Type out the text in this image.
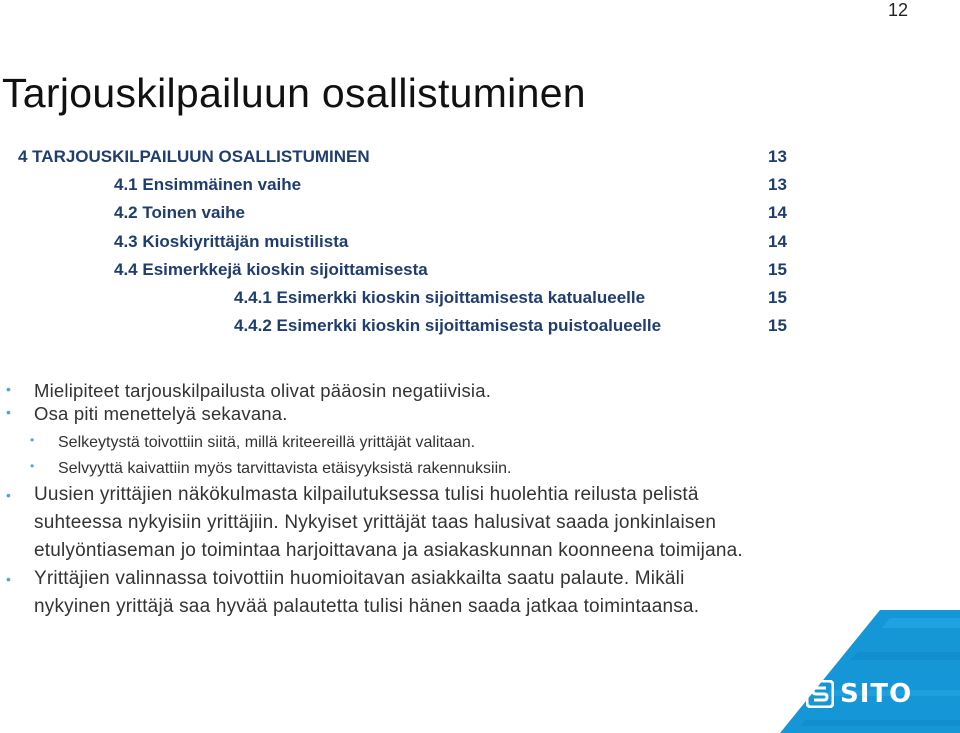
12
Tarjouskilpailuun osallistuminen
4 TARJOUSKILPAILUUN OSALLISTUMINEN	13
4.1 Ensimmäinen vaihe	13
4.2 Toinen vaihe	14
4.3 Kioskiyrittäjän muistilista	14
4.4 Esimerkkejä kioskin sijoittamisesta	15
4.4.1 Esimerkki kioskin sijoittamisesta katualueelle	15
4.4.2 Esimerkki kioskin sijoittamisesta puistoalueelle	15
• Mielipiteet tarjouskilpailusta olivat pääosin negatiivisia.
• Osa piti menettelyä sekavana.
• Selkeytystä toivottiin siitä, millä kriteereillä yrittäjät valitaan.
• Selvyyttä kaivattiin myös tarvittavista etäisyyksistä rakennuksiin.
• Uusien yrittäjien näkökulmasta kilpailutuksessa tulisi huolehtia reilusta pelistä
suhteessa nykyisiin yrittäjiin. Nykyiset yrittäjät taas halusivat saada jonkinlaisen
etulyöntiaseman jo toimintaa harjoittavana ja asiakaskunnan koonneena toimijana.
• Yrittäjien valinnassa toivottiin huomioitavan asiakkailta saatu palaute. Mikäli
nykyinen yrittäjä saa hyvää palautetta tulisi hänen saada jatkaa toimintaansa.
SITO
